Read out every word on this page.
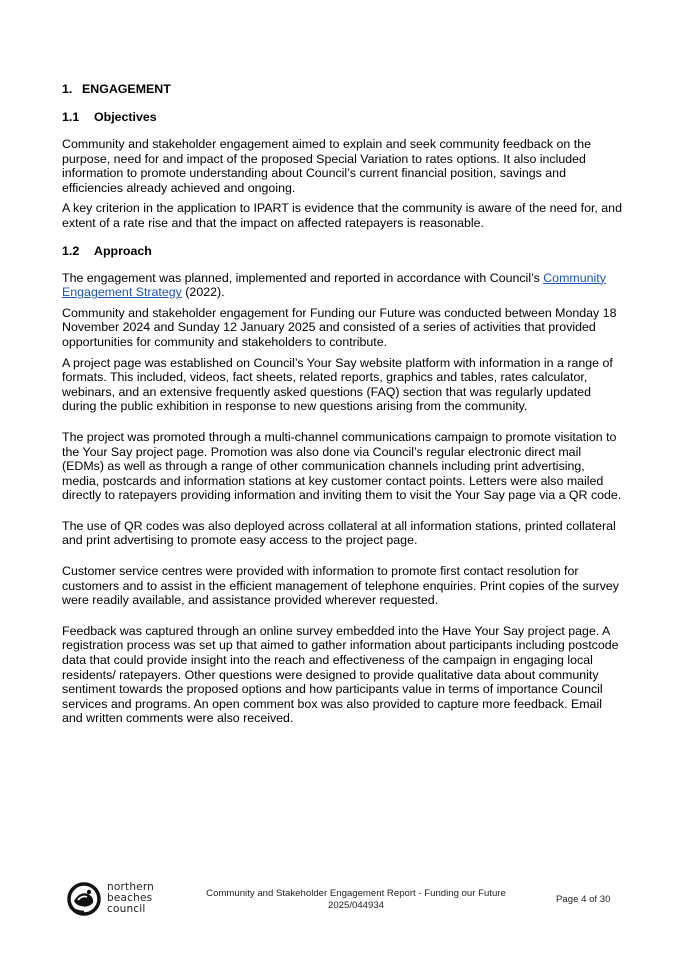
1. ENGAGEMENT
1.1 Objectives

Community and stakeholder engagement aimed to explain and seek community feedback on the purpose, need for and impact of the proposed Special Variation to rates options. It also included information to promote understanding about Council’s current financial position, savings and efficiencies already achieved and ongoing.

A key criterion in the application to IPART is evidence that the community is aware of the need for, and extent of a rate rise and that the impact on affected ratepayers is reasonable.

1.2 Approach

The engagement was planned, implemented and reported in accordance with Council’s Community Engagement Strategy (2022).

Community and stakeholder engagement for Funding our Future was conducted between Monday 18 November 2024 and Sunday 12 January 2025 and consisted of a series of activities that provided opportunities for community and stakeholders to contribute.

A project page was established on Council’s Your Say website platform with information in a range of formats. This included, videos, fact sheets, related reports, graphics and tables, rates calculator, webinars, and an extensive frequently asked questions (FAQ) section that was regularly updated during the public exhibition in response to new questions arising from the community.

The project was promoted through a multi-channel communications campaign to promote visitation to the Your Say project page. Promotion was also done via Council’s regular electronic direct mail (EDMs) as well as through a range of other communication channels including print advertising, media, postcards and information stations at key customer contact points. Letters were also mailed directly to ratepayers providing information and inviting them to visit the Your Say page via a QR code.

The use of QR codes was also deployed across collateral at all information stations, printed collateral and print advertising to promote easy access to the project page.

Customer service centres were provided with information to promote first contact resolution for customers and to assist in the efficient management of telephone enquiries. Print copies of the survey were readily available, and assistance provided wherever requested.

Feedback was captured through an online survey embedded into the Have Your Say project page. A registration process was set up that aimed to gather information about participants including postcode data that could provide insight into the reach and effectiveness of the campaign in engaging local residents/ ratepayers. Other questions were designed to provide qualitative data about community sentiment towards the proposed options and how participants value in terms of importance Council services and programs. An open comment box was also provided to capture more feedback. Email and written comments were also received.

northern
beaches
council
Community and Stakeholder Engagement Report - Funding our Future
2025/044934	Page 4 of 30
